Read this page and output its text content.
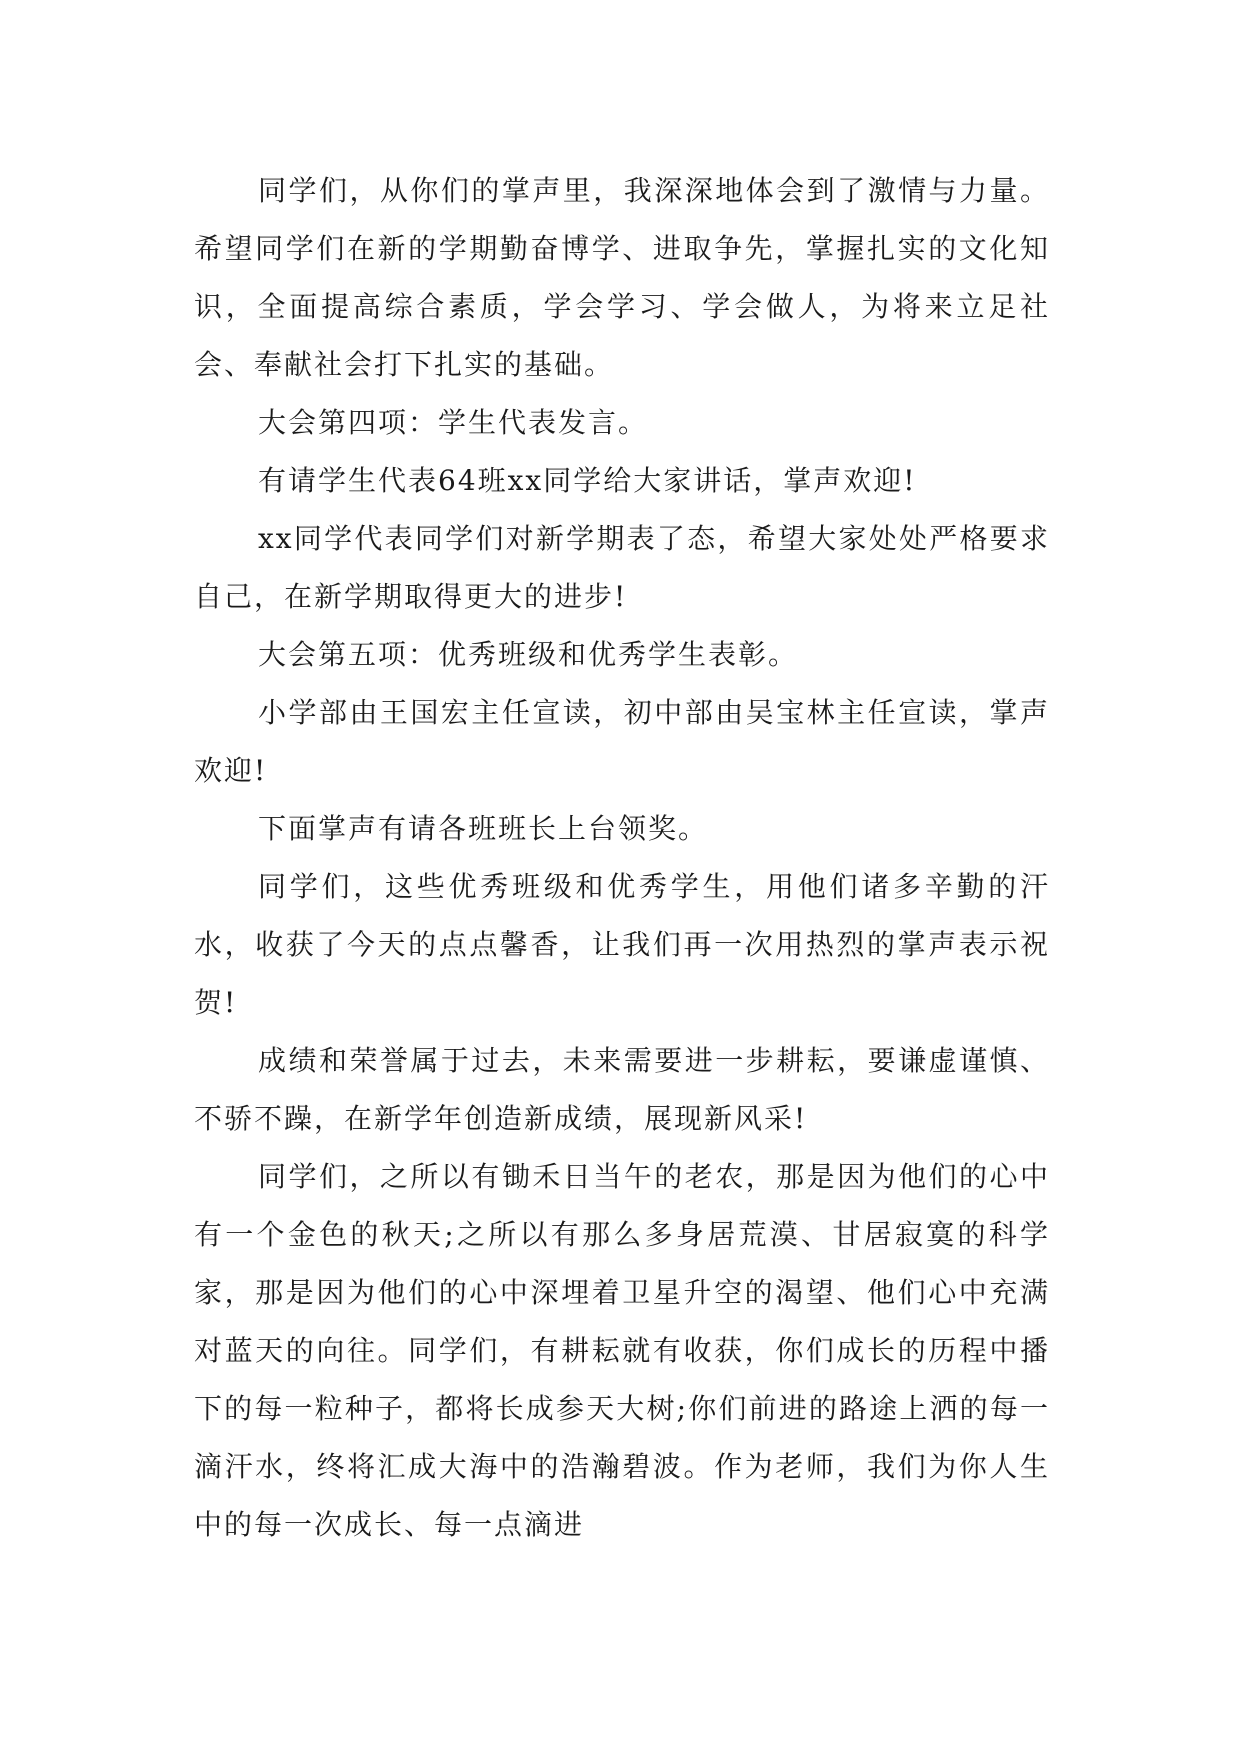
同学们，从你们的掌声里，我深深地体会到了激情与力量。希望同学们在新的学期勤奋博学、进取争先，掌握扎实的文化知识，全面提高综合素质，学会学习、学会做人，为将来立足社会、奉献社会打下扎实的基础。

大会第四项：学生代表发言。

有请学生代表64班xx同学给大家讲话，掌声欢迎!

xx同学代表同学们对新学期表了态，希望大家处处严格要求自己，在新学期取得更大的进步!

大会第五项：优秀班级和优秀学生表彰。

小学部由王国宏主任宣读，初中部由吴宝林主任宣读，掌声欢迎!

下面掌声有请各班班长上台领奖。

同学们，这些优秀班级和优秀学生，用他们诸多辛勤的汗水，收获了今天的点点馨香，让我们再一次用热烈的掌声表示祝贺!

成绩和荣誉属于过去，未来需要进一步耕耘，要谦虚谨慎、不骄不躁，在新学年创造新成绩，展现新风采!

同学们，之所以有锄禾日当午的老农，那是因为他们的心中有一个金色的秋天;之所以有那么多身居荒漠、甘居寂寞的科学家，那是因为他们的心中深埋着卫星升空的渴望、他们心中充满对蓝天的向往。同学们，有耕耘就有收获，你们成长的历程中播下的每一粒种子，都将长成参天大树;你们前进的路途上洒的每一滴汗水，终将汇成大海中的浩瀚碧波。作为老师，我们为你人生中的每一次成长、每一点滴进
